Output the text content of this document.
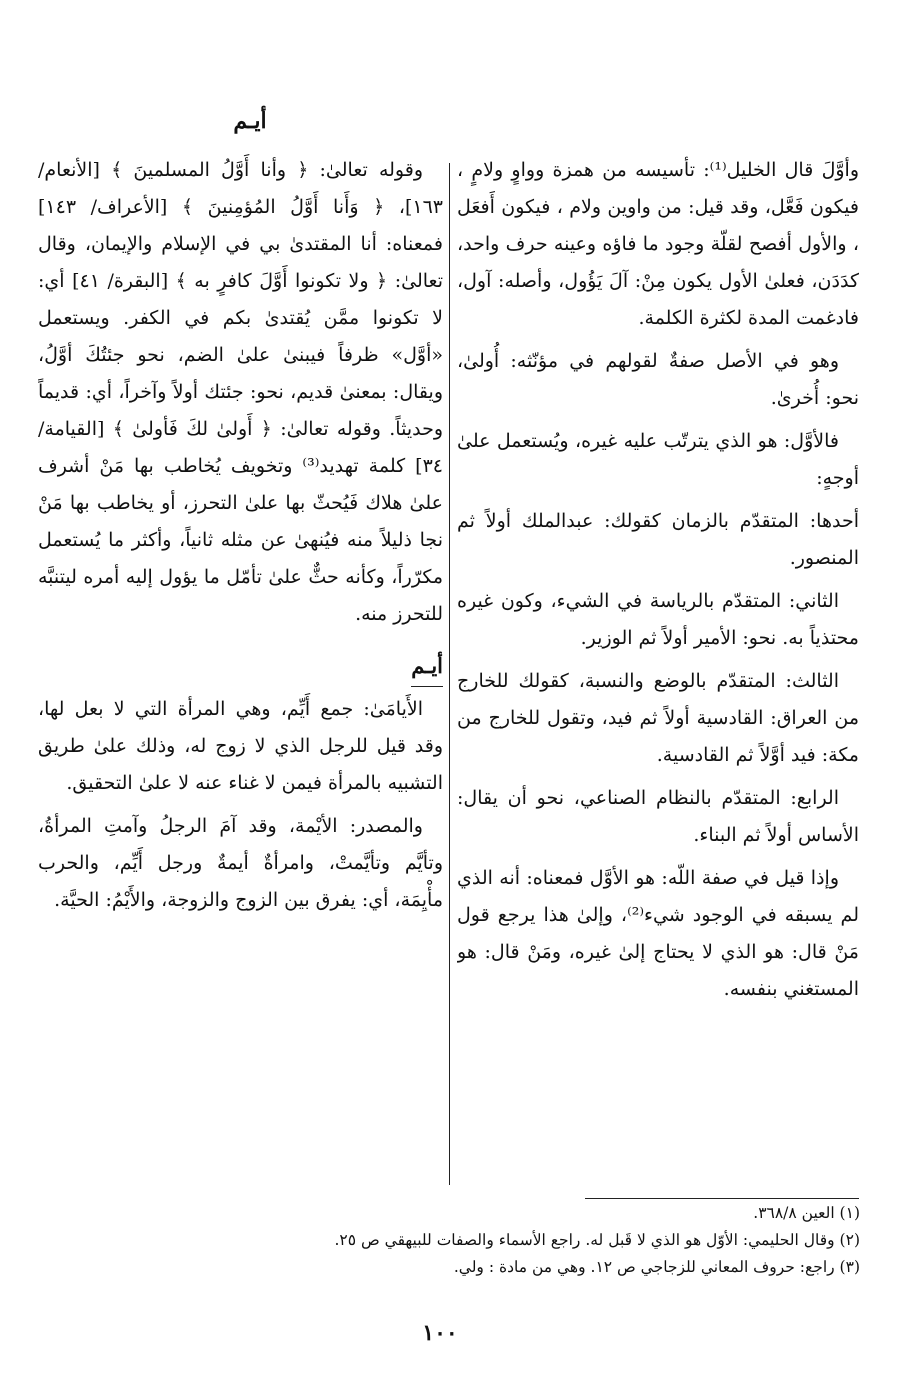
أيـم

وأوَّلَ قال الخليل⁽¹⁾: تأسيسه من همزة وواوٍ ولامٍ ، فيكون فَعَّل، وقد قيل: من واوين ولام ، فيكون أَفعَل ، والأول أفصح لقلّة وجود ما فاؤه وعينه حرف واحد، كدَدَن، فعلىٰ الأول يكون مِنْ: آلَ يَؤُول، وأصله: آول، فادغمت المدة لكثرة الكلمة.

وهو في الأصل صفةٌ لقولهم في مؤنّثه: أُولىٰ، نحو: أُخرىٰ.

فالأوَّل: هو الذي يترتّب عليه غيره، ويُستعمل علىٰ أوجهٍ:

أحدها: المتقدّم بالزمان كقولك: عبدالملك أولاً ثم المنصور.

الثاني: المتقدّم بالرياسة في الشيء، وكون غيره محتذياً به. نحو: الأمير أولاً ثم الوزير.

الثالث: المتقدّم بالوضع والنسبة، كقولك للخارج من العراق: القادسية أولاً ثم فيد، وتقول للخارج من مكة: فيد أوَّلاً ثم القادسية.

الرابع: المتقدّم بالنظام الصناعي، نحو أن يقال: الأساس أولاً ثم البناء.

وإذا قيل في صفة اللّه: هو الأوَّل فمعناه: أنه الذي لم يسبقه في الوجود شيء⁽²⁾، وإلىٰ هذا يرجع قول مَنْ قال: هو الذي لا يحتاج إلىٰ غيره، ومَنْ قال: هو المستغني بنفسه.

وقوله تعالىٰ: ﴿ وأنا أَوَّلُ المسلمينَ ﴾ [الأنعام/ ١٦٣]، ﴿ وَأَنا أَوَّلُ المُؤمِنينَ ﴾ [الأعراف/ ١٤٣] فمعناه: أنا المقتدىٰ بي في الإسلام والإيمان، وقال تعالىٰ: ﴿ ولا تكونوا أَوَّلَ كافرٍ به ﴾ [البقرة/ ٤١] أي: لا تكونوا ممَّن يُقتدىٰ بكم في الكفر. ويستعمل «أوَّل» ظرفاً فيبنىٰ علىٰ الضم، نحو جئتُكَ أوَّلُ، ويقال: بمعنىٰ قديم، نحو: جئتك أولاً وآخراً، أي: قديماً وحديثاً. وقوله تعالىٰ: ﴿ أَولىٰ لكَ فَأولىٰ ﴾ [القيامة/ ٣٤] كلمة تهديد⁽³⁾ وتخويف يُخاطب بها مَنْ أشرف علىٰ هلاك فَيُحثّ بها علىٰ التحرز، أو يخاطب بها مَنْ نجا ذليلاً منه فيُنهىٰ عن مثله ثانياً، وأكثر ما يُستعمل مكرّراً، وكأنه حثٌّ علىٰ تأمّل ما يؤول إليه أمره ليتنبَّه للتحرز منه.

أيـم

الأَيامَىٰ: جمع أَيِّم، وهي المرأة التي لا بعل لها، وقد قيل للرجل الذي لا زوج له، وذلك علىٰ طريق التشبيه بالمرأة فيمن لا غناء عنه لا علىٰ التحقيق.

والمصدر: الأيْمة، وقد آمَ الرجلُ وآمتِ المرأةُ، وتأيَّم وتأيَّمتْ، وامرأةٌ أيمةٌ ورجل أَيِّم، والحرب مأْيِمَة، أي: يفرق بين الزوج والزوجة، والأَيْمُ: الحيَّة.

(١) العين ٣٦٨/٨.
(٢) وقال الحليمي: الأوّل هو الذي لا قَبل له. راجع الأسماء والصفات للبيهقي ص ٢٥.
(٣) راجع: حروف المعاني للزجاجي ص ١٢. وهي من مادة : ولي.
١٠٠
